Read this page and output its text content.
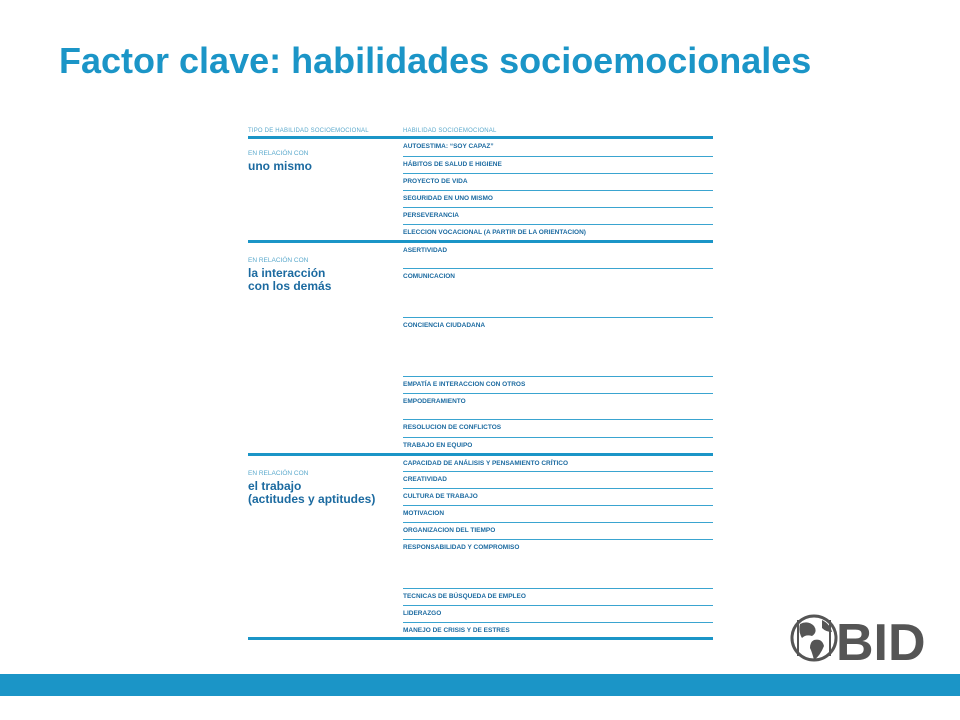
Factor clave: habilidades socioemocionales
TIPO DE HABILIDAD SOCIOEMOCIONAL	HABILIDAD SOCIOEMOCIONAL
EN RELACIÓN CON
uno mismo
AUTOESTIMA: “SOY CAPAZ”
HÁBITOS DE SALUD E HIGIENE
PROYECTO DE VIDA
SEGURIDAD EN UNO MISMO
PERSEVERANCIA
ELECCION VOCACIONAL (A PARTIR DE LA ORIENTACION)
EN RELACIÓN CON
la interacción
con los demás
ASERTIVIDAD
COMUNICACION
CONCIENCIA CIUDADANA
EMPATÍA E INTERACCION CON OTROS
EMPODERAMIENTO
RESOLUCION DE CONFLICTOS
TRABAJO EN EQUIPO
EN RELACIÓN CON
el trabajo
(actitudes y aptitudes)
CAPACIDAD DE ANÁLISIS Y PENSAMIENTO CRÍTICO
CREATIVIDAD
CULTURA DE TRABAJO
MOTIVACION
ORGANIZACION DEL TIEMPO
RESPONSABILIDAD Y COMPROMISO
TECNICAS DE BÚSQUEDA DE EMPLEO
LIDERAZGO
MANEJO DE CRISIS Y DE ESTRES	BID
